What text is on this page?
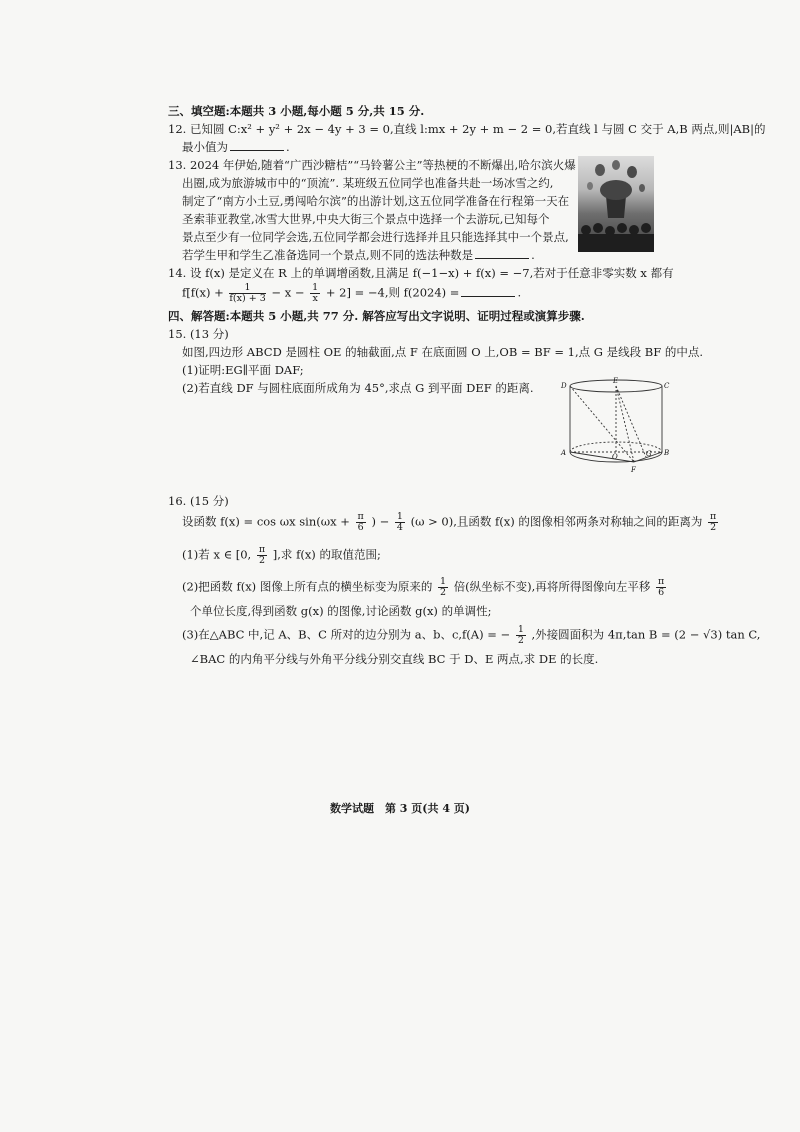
三、填空题:本题共 3 小题,每小题 5 分,共 15 分.
12. 已知圆 C:x² + y² + 2x − 4y + 3 = 0,直线 l:mx + 2y + m − 2 = 0,若直线 l 与圆 C 交于 A,B 两点,则|AB|的
最小值为	.
13. 2024 年伊始,随着“广西沙糖桔”“马铃薯公主”等热梗的不断爆出,哈尔滨火爆
出圈,成为旅游城市中的“顶流”. 某班级五位同学也准备共赴一场冰雪之约,
制定了“南方小土豆,勇闯哈尔滨”的出游计划,这五位同学准备在行程第一天在
圣索菲亚教堂,冰雪大世界,中央大街三个景点中选择一个去游玩,已知每个
景点至少有一位同学会选,五位同学都会进行选择并且只能选择其中一个景点,
若学生甲和学生乙准备选同一个景点,则不同的选法种数是	.
14. 设 f(x) 是定义在 R 上的单调增函数,且满足 f(−1−x) + f(x) = −7,若对于任意非零实数 x 都有
$f[f(x) + \frac{1}{f(x) + 3} - x - \frac{1}{x} + 2] = -4$,则 f(2024) =	.
四、解答题:本题共 5 小题,共 77 分. 解答应写出文字说明、证明过程或演算步骤.
15. (13 分)
如图,四边形 ABCD 是圆柱 OE 的轴截面,点 F 在底面圆 O 上,OB = BF = 1,点 G 是线段 BF 的中点.
(1)证明:EG∥平面 DAF;
(2)若直线 DF 与圆柱底面所成角为 45°,求点 G 到平面 DEF 的距离.	D
E
C
A	O	G B
F
16. (15 分)
设函数 f(x) = cos ωx $\sin(\omega x + \frac{\pi}{6}$ ) − $\frac{1}{4} (\omega > 0)$,且函数 f(x) 的图像相邻两条对称轴之间的距离为 $\frac{\pi}{2}$
(1)若 x ∈ [0, $\frac{\pi}{2}$ ],求 f(x) 的取值范围;
(2)把函数 f(x) 图像上所有点的横坐标变为原来的 $\frac{1}{2}$ 倍(纵坐标不变),再将所得图像向左平移 $\frac{\pi}{6}$
个单位长度,得到函数 g(x) 的图像,讨论函数 g(x) 的单调性;
(3)在△ABC 中,记 A、B、C 所对的边分别为 a、b、c,f(A) = − $\frac{1}{2}$ ,外接圆面积为 4π,tan B = (2 − √3) tan C,
∠BAC 的内角平分线与外角平分线分别交直线 BC 于 D、E 两点,求 DE 的长度.
数学试题　第 3 页(共 4 页)
